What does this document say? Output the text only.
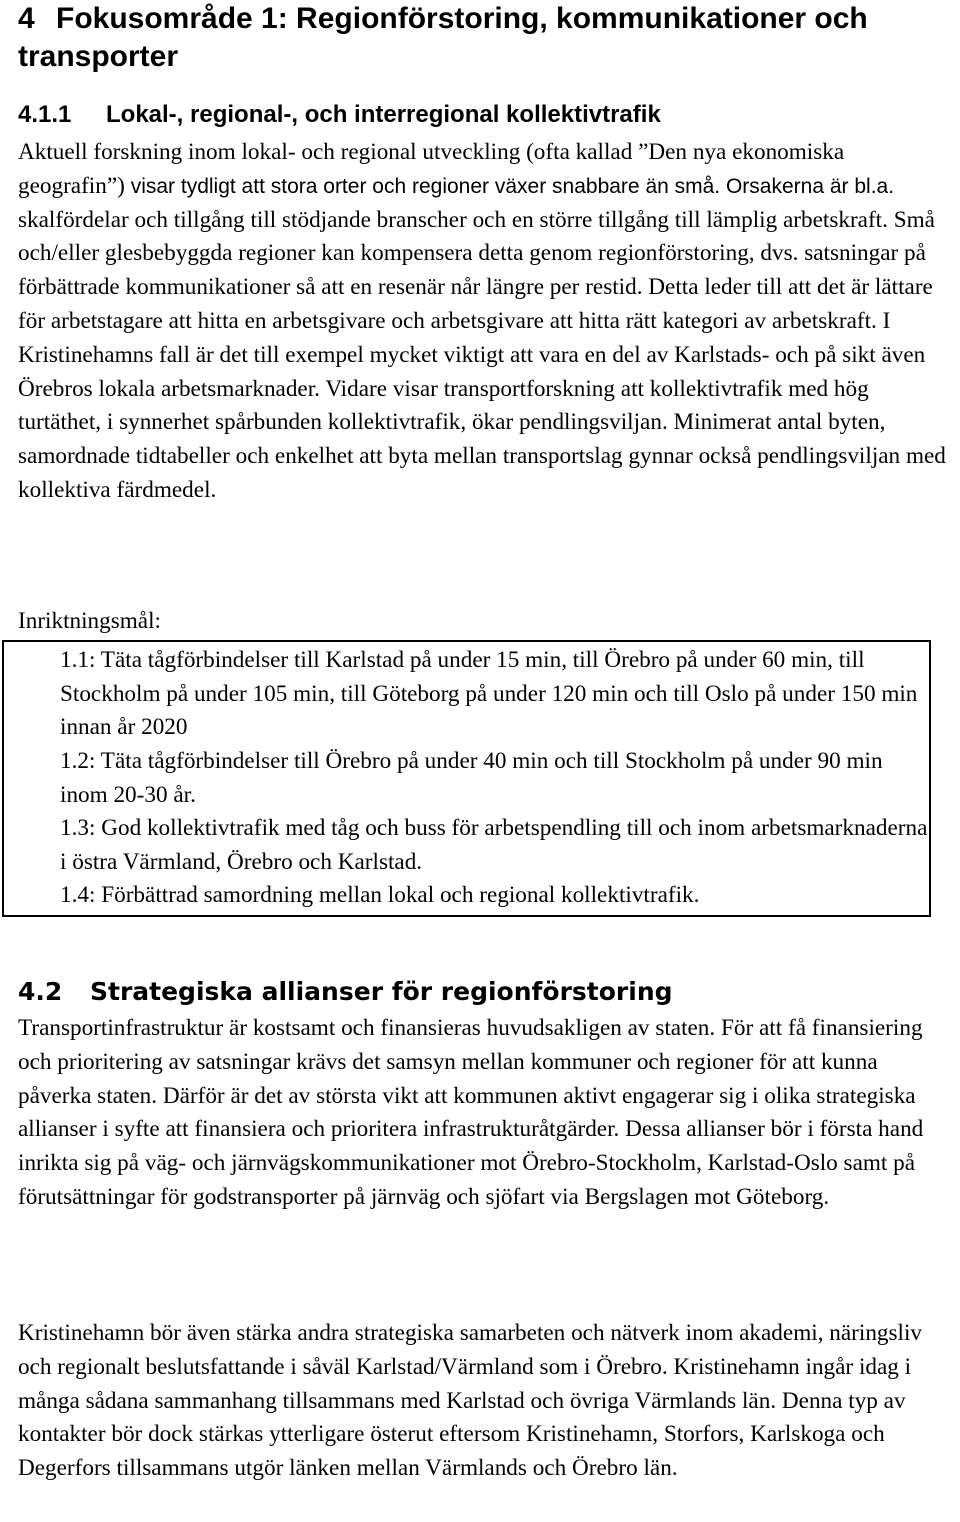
4 Fokusområde 1: Regionförstoring, kommunikationer och transporter
4.1.1 Lokal-, regional-, och interregional kollektivtrafik
Aktuell forskning inom lokal- och regional utveckling (ofta kallad ”Den nya ekonomiska geografin”) visar tydligt att stora orter och regioner växer snabbare än små. Orsakerna är bl.a. skalfördelar och tillgång till stödjande branscher och en större tillgång till lämplig arbetskraft. Små och/eller glesbebyggda regioner kan kompensera detta genom regionförstoring, dvs. satsningar på förbättrade kommunikationer så att en resenär når längre per restid. Detta leder till att det är lättare för arbetstagare att hitta en arbetsgivare och arbetsgivare att hitta rätt kategori av arbetskraft. I Kristinehamns fall är det till exempel mycket viktigt att vara en del av Karlstads- och på sikt även Örebros lokala arbetsmarknader. Vidare visar transportforskning att kollektivtrafik med hög turtäthet, i synnerhet spårbunden kollektivtrafik, ökar pendlingsviljan. Minimerat antal byten, samordnade tidtabeller och enkelhet att byta mellan transportslag gynnar också pendlingsviljan med kollektiva färdmedel.
Inriktningsmål:
1.1: Täta tågförbindelser till Karlstad på under 15 min, till Örebro på under 60 min, till Stockholm på under 105 min, till Göteborg på under 120 min och till Oslo på under 150 min innan år 2020
1.2: Täta tågförbindelser till Örebro på under 40 min och till Stockholm på under 90 min inom 20-30 år.
1.3: God kollektivtrafik med tåg och buss för arbetspendling till och inom arbetsmarknaderna i östra Värmland, Örebro och Karlstad.
1.4: Förbättrad samordning mellan lokal och regional kollektivtrafik.
4.2 Strategiska allianser för regionförstoring
Transportinfrastruktur är kostsamt och finansieras huvudsakligen av staten. För att få finansiering och prioritering av satsningar krävs det samsyn mellan kommuner och regioner för att kunna påverka staten. Därför är det av största vikt att kommunen aktivt engagerar sig i olika strategiska allianser i syfte att finansiera och prioritera infrastrukturåtgärder. Dessa allianser bör i första hand inrikta sig på väg- och järnvägskommunikationer mot Örebro-Stockholm, Karlstad-Oslo samt på förutsättningar för godstransporter på järnväg och sjöfart via Bergslagen mot Göteborg.
Kristinehamn bör även stärka andra strategiska samarbeten och nätverk inom akademi, näringsliv och regionalt beslutsfattande i såväl Karlstad/Värmland som i Örebro. Kristinehamn ingår idag i många sådana sammanhang tillsammans med Karlstad och övriga Värmlands län. Denna typ av kontakter bör dock stärkas ytterligare österut eftersom Kristinehamn, Storfors, Karlskoga och Degerfors tillsammans utgör länken mellan Värmlands och Örebro län.
